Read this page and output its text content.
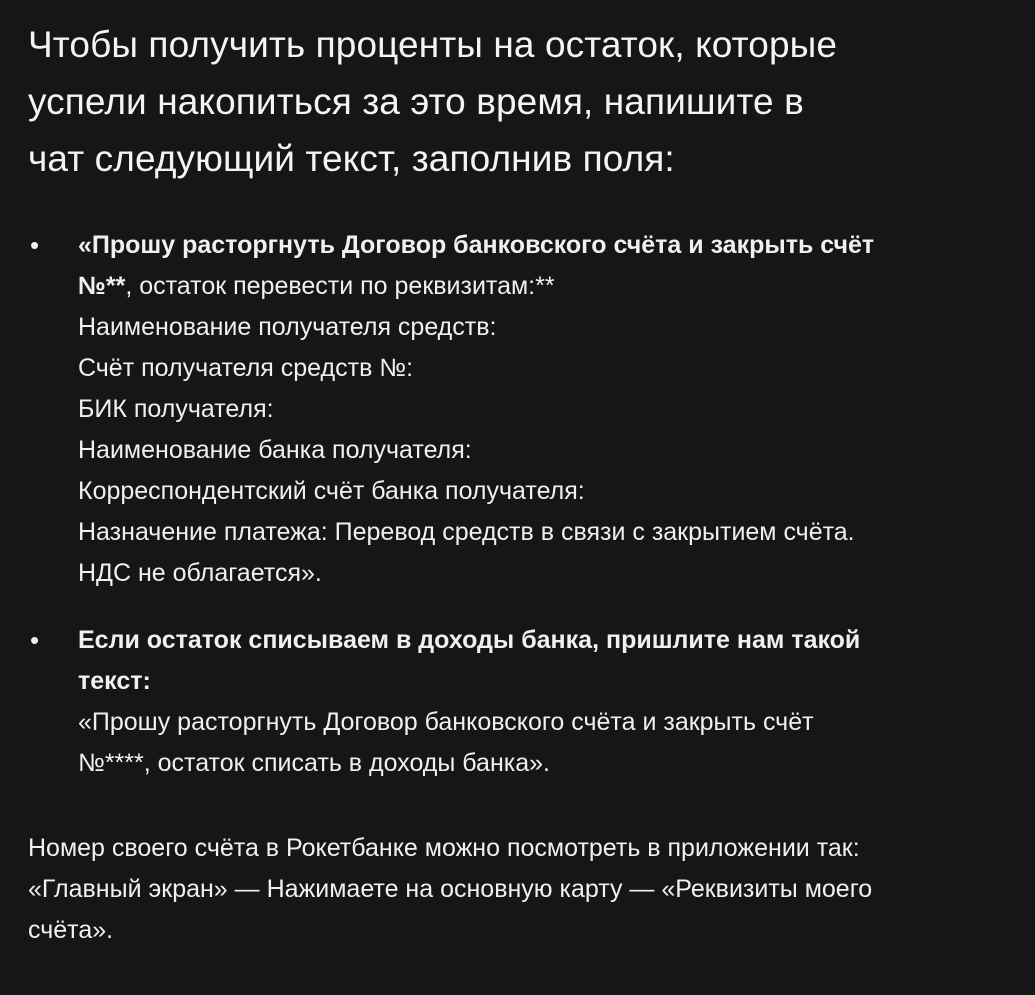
Чтобы получить проценты на остаток, которые
успели накопиться за это время, напишите в
чат следующий текст, заполнив поля:
• «Прошу расторгнуть Договор банковского счёта и закрыть счёт
№**, остаток перевести по реквизитам:**
Наименование получателя средств:
Счёт получателя средств №:
БИК получателя:
Наименование банка получателя:
Корреспондентский счёт банка получателя:
Назначение платежа: Перевод средств в связи с закрытием счёта.
НДС не облагается».
• Если остаток списываем в доходы банка, пришлите нам такой
текст:
«Прошу расторгнуть Договор банковского счёта и закрыть счёт
№****, остаток списать в доходы банка».

Номер своего счёта в Рокетбанке можно посмотреть в приложении так:
«Главный экран» — Нажимаете на основную карту — «Реквизиты моего
счёта».
